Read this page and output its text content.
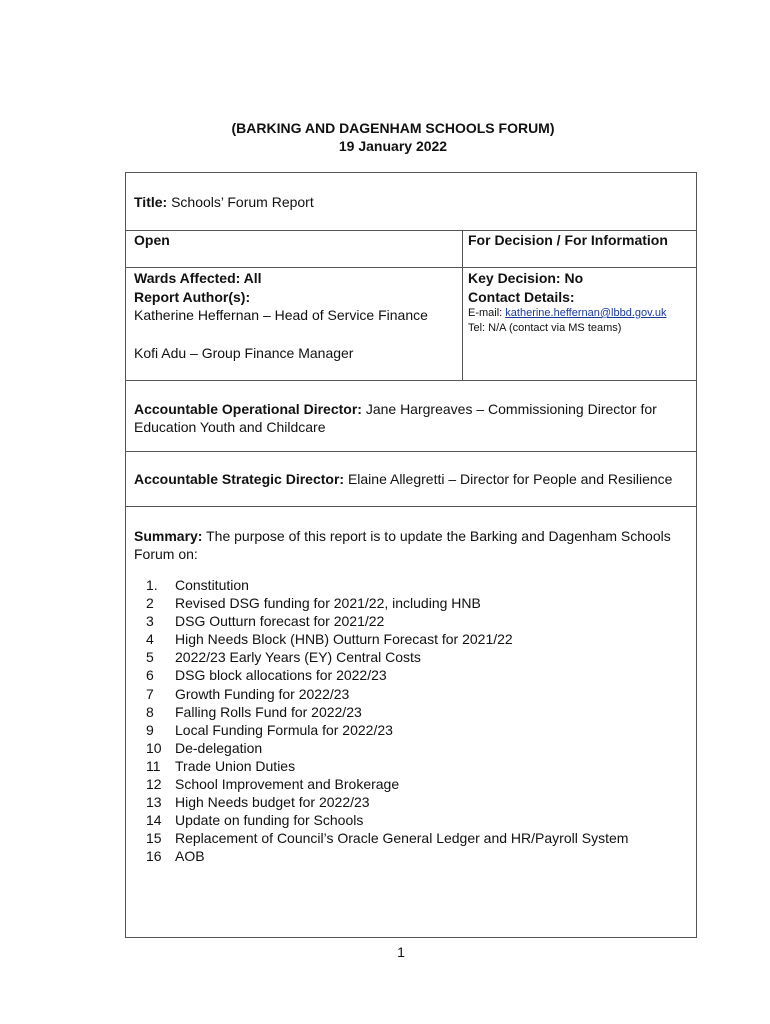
(BARKING AND DAGENHAM SCHOOLS FORUM)
19 January 2022
Title: Schools’ Forum Report
Open	For Decision / For Information
Wards Affected: All
Report Author(s):
Katherine Heffernan – Head of Service Finance
Kofi Adu – Group Finance Manager
Key Decision: No
Contact Details:
E-mail: katherine.heffernan@lbbd.gov.uk
Tel: N/A (contact via MS teams)
Accountable Operational Director: Jane Hargreaves – Commissioning Director for
Education Youth and Childcare
Accountable Strategic Director: Elaine Allegretti – Director for People and Resilience
Summary: The purpose of this report is to update the Barking and Dagenham Schools
Forum on:
1.	Constitution
2	Revised DSG funding for 2021/22, including HNB
3	DSG Outturn forecast for 2021/22
4	High Needs Block (HNB) Outturn Forecast for 2021/22
5	2022/23 Early Years (EY) Central Costs
6	DSG block allocations for 2022/23
7	Growth Funding for 2022/23
8	Falling Rolls Fund for 2022/23
9	Local Funding Formula for 2022/23
10 De-delegation
11	Trade Union Duties
12 School Improvement and Brokerage
13 High Needs budget for 2022/23
14 Update on funding for Schools
15 Replacement of Council’s Oracle General Ledger and HR/Payroll System
16 AOB
1
